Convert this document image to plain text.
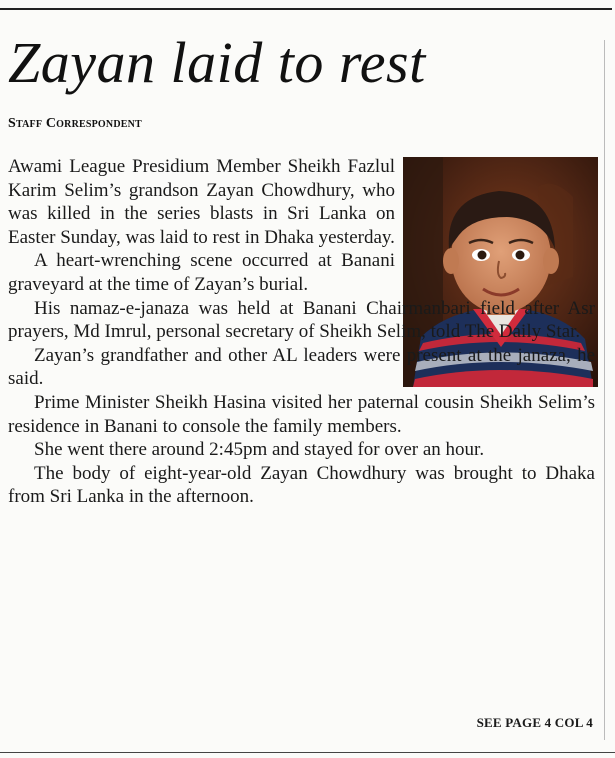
Zayan laid to rest
Staff Correspondent

Awami League Presidium Member Sheikh Fazlul Karim Selim’s grandson Zayan Chowdhury, who was killed in the series blasts in Sri Lanka on Easter Sunday, was laid to rest in Dhaka yesterday.

A heart-wrenching scene occurred at Banani graveyard at the time of Zayan’s burial.

His namaz-e-janaza was held at Banani Chairmanbari field after Asr prayers, Md Imrul, personal secretary of Sheikh Selim, told The Daily Star.

Zayan’s grandfather and other AL leaders were present at the janaza, he said.

Prime Minister Sheikh Hasina visited her paternal cousin Sheikh Selim’s residence in Banani to console the family members.

She went there around 2:45pm and stayed for over an hour.

The body of eight-year-old Zayan Chowdhury was brought to Dhaka from Sri Lanka in the afternoon.

SEE PAGE 4 COL 4
